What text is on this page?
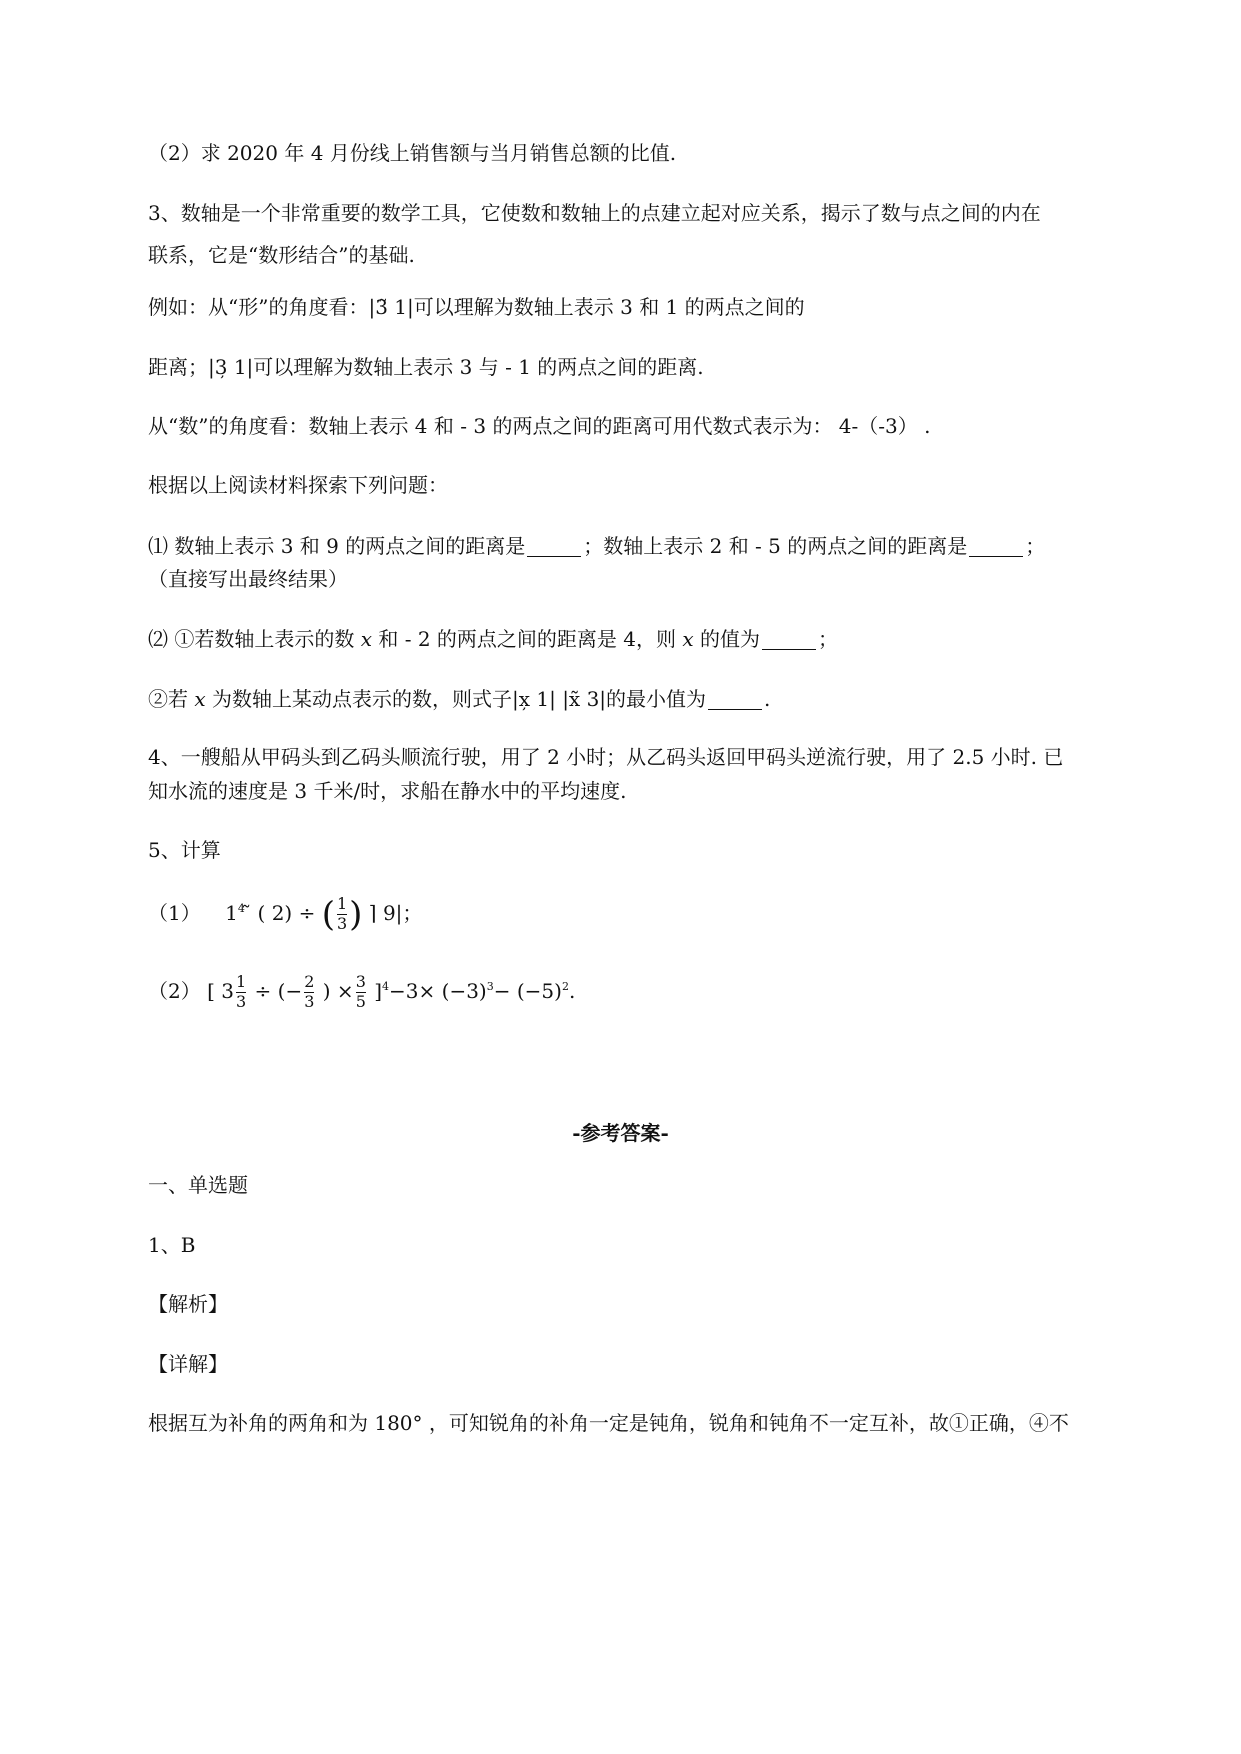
（2）求 2020 年 4 月份线上销售额与当月销售总额的比值.
3、数轴是一个非常重要的数学工具，它使数和数轴上的点建立起对应关系，揭示了数与点之间的内在
联系，它是“数形结合”的基础.
例如：从“形”的角度看：|3̃ 1|可以理解为数轴上表示 3 和 1 的两点之间的
距离；|3̦ 1|可以理解为数轴上表示 3 与 - 1 的两点之间的距离.
从“数”的角度看：数轴上表示 4 和 - 3 的两点之间的距离可用代数式表示为： 4-（-3） .
根据以上阅读材料探索下列问题：
⑴ 数轴上表示 3 和 9 的两点之间的距离是	；数轴上表示 2 和 - 5 的两点之间的距离是	；
（直接写出最终结果）
⑵ ①若数轴上表示的数 x 和 - 2 的两点之间的距离是 4，则 x 的值为	；
②若 x 为数轴上某动点表示的数，则式子|x̦ 1| |x̃ 3|的最小值为	.
4、一艘船从甲码头到乙码头顺流行驶，用了 2 小时；从乙码头返回甲码头逆流行驶，用了 2.5 小时. 已
知水流的速度是 3 千米/时，求船在静水中的平均速度.
5、计算
（1） $1^4$ ̃ ( 2) ÷ ( $\frac{1}{3}$ ) ⌉ 9|；
（2） [ $3 \frac{1}{3}$ ÷ (− $\frac{2}{3}$ ) × $\frac{3}{5} ]^4-3\times (-3)^3- (-5)^2$.
-参考答案-
一、单选题
1、B
【解析】
【详解】
根据互为补角的两角和为 180° ，可知锐角的补角一定是钝角，锐角和钝角不一定互补，故①正确，④不
